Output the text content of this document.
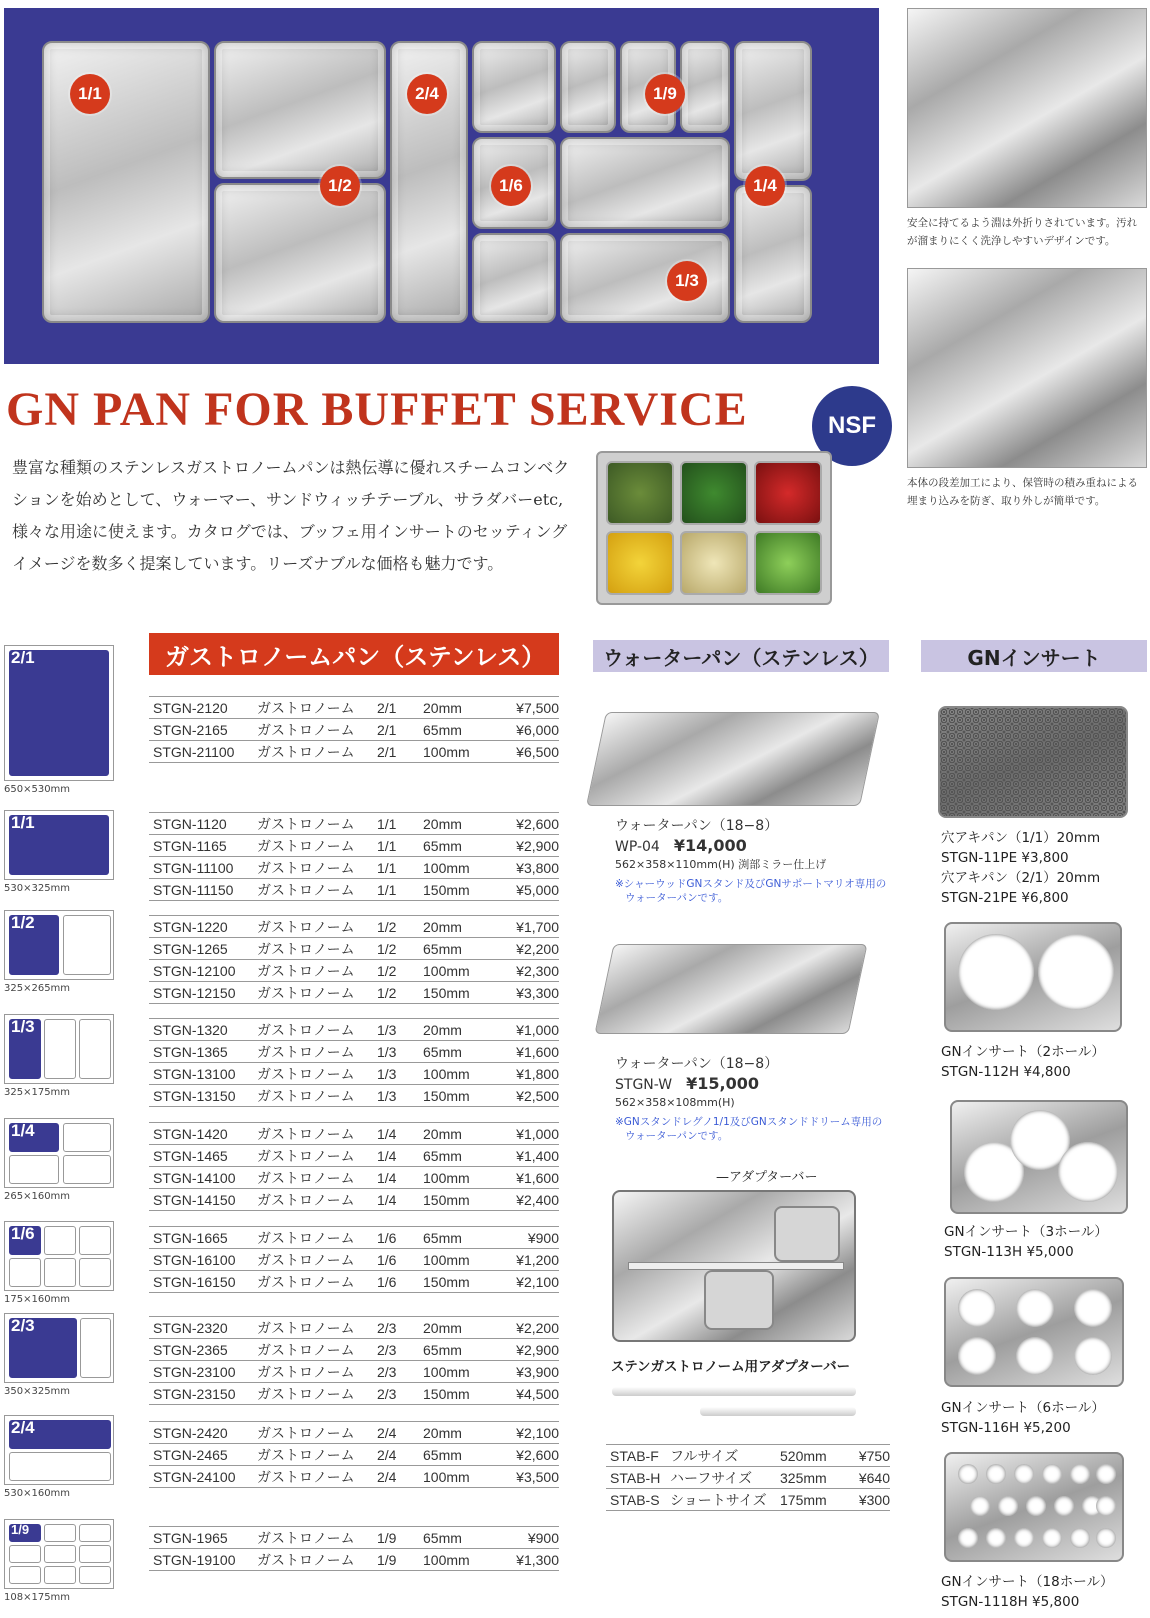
1/1
1/2
2/4
1/6
1/9
1/4
1/3
安全に持てるよう淵は外折りされています。汚れが溜まりにくく洗浄しやすいデザインです。
本体の段差加工により、保管時の積み重ねによる埋まり込みを防ぎ、取り外しが簡単です。
GN PAN FOR BUFFET SERVICE	NSF
豊富な種類のステンレスガストロノームパンは熱伝導に優れスチームコンベクションを始めとして、ウォーマー、サンドウィッチテーブル、サラダバーetc, 様々な用途に使えます。カタログでは、ブッフェ用インサートのセッティングイメージを数多く提案しています。リーズナブルな価格も魅力です。
2/1
650×530mm
1/1
530×325mm
1/2
325×265mm
1/3
325×175mm
1/4
265×160mm
1/6
175×160mm
2/3
350×325mm
2/4
530×160mm
1/9
108×175mm
ガストロノームパン（ステンレス）	ウォーターパン（ステンレス）	GNインサート
STGN-2120	ガストロノーム	2/1	20mm	¥7,500
STGN-2165	ガストロノーム	2/1	65mm	¥6,000
STGN-21100	ガストロノーム	2/1	100mm	¥6,500
STGN-1120	ガストロノーム	1/1	20mm	¥2,600
STGN-1165	ガストロノーム	1/1	65mm	¥2,900
STGN-11100	ガストロノーム	1/1	100mm	¥3,800
STGN-11150	ガストロノーム	1/1	150mm	¥5,000
STGN-1220	ガストロノーム	1/2	20mm	¥1,700
STGN-1265	ガストロノーム	1/2	65mm	¥2,200
STGN-12100	ガストロノーム	1/2	100mm	¥2,300
STGN-12150	ガストロノーム	1/2	150mm	¥3,300
STGN-1320	ガストロノーム	1/3	20mm	¥1,000
STGN-1365	ガストロノーム	1/3	65mm	¥1,600
STGN-13100	ガストロノーム	1/3	100mm	¥1,800
STGN-13150	ガストロノーム	1/3	150mm	¥2,500
STGN-1420	ガストロノーム	1/4	20mm	¥1,000
STGN-1465	ガストロノーム	1/4	65mm	¥1,400
STGN-14100	ガストロノーム	1/4	100mm	¥1,600
STGN-14150	ガストロノーム	1/4	150mm	¥2,400
STGN-1665	ガストロノーム	1/6	65mm	¥900
STGN-16100	ガストロノーム	1/6	100mm	¥1,200
STGN-16150	ガストロノーム	1/6	150mm	¥2,100
STGN-2320	ガストロノーム	2/3	20mm	¥2,200
STGN-2365	ガストロノーム	2/3	65mm	¥2,900
STGN-23100	ガストロノーム	2/3	100mm	¥3,900
STGN-23150	ガストロノーム	2/3	150mm	¥4,500
STGN-2420	ガストロノーム	2/4	20mm	¥2,100
STGN-2465	ガストロノーム	2/4	65mm	¥2,600
STGN-24100	ガストロノーム	2/4	100mm	¥3,500
STGN-1965	ガストロノーム	1/9	65mm	¥900
STGN-19100	ガストロノーム	1/9	100mm	¥1,300
ウォーターパン（18−8）
WP-04　 ¥14,000
562×358×110mm(H) 渕部ミラー仕上げ
※シャーウッドGNスタンド及びGNサポートマリオ専用の
ウォーターパンです。
ウォーターパン（18−8）
STGN-W　 ¥15,000
562×358×108mm(H)
※GNスタンドレグノ1/1及びGNスタンドドリーム専用の
ウォーターパンです。
—アダプターバー
ステンガストロノーム用アダプターバー
STAB-F フルサイズ	520mm	¥750
STAB-H ハーフサイズ	325mm	¥640
STAB-S ショートサイズ 175mm	¥300
穴アキパン（1/1）20mm
STGN-11PE ¥3,800
穴アキパン（2/1）20mm
STGN-21PE ¥6,800
GNインサート（2ホール）
STGN-112H ¥4,800
GNインサート（3ホール）
STGN-113H ¥5,000
GNインサート（6ホール）
STGN-116H ¥5,200
GNインサート（18ホール）
STGN-1118H ¥5,800
